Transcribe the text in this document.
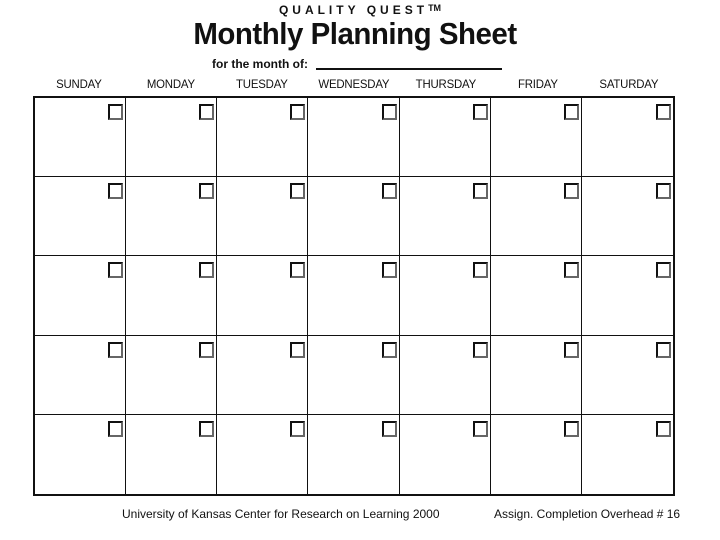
QUALITY QUEST™
Monthly Planning Sheet
for the month of:
SUNDAY	MONDAY	TUESDAY	WEDNESDAY	THURSDAY	FRIDAY	SATURDAY
University of Kansas Center for Research on Learning 2000	Assign. Completion Overhead # 16
